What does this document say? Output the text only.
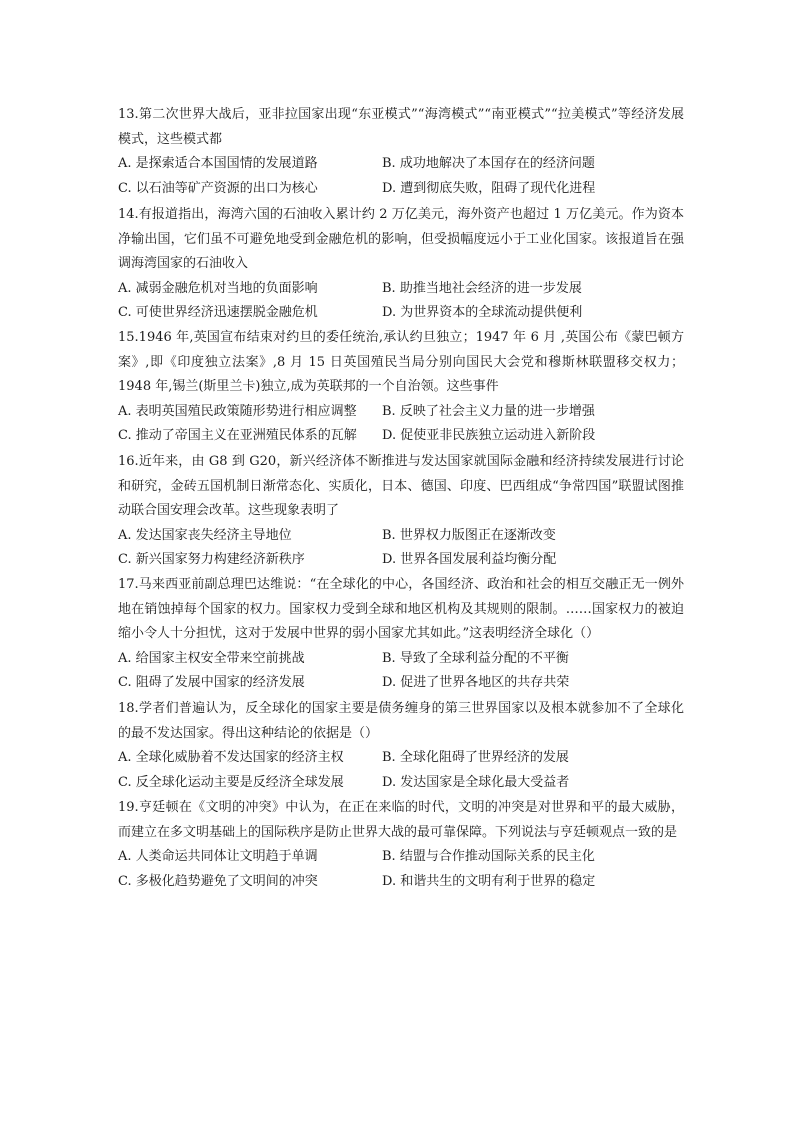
13.第二次世界大战后，亚非拉国家出现“东亚模式”“海湾模式”“南亚模式”“拉美模式”等经济发展模式，这些模式都

A. 是探索适合本国国情的发展道路	B. 成功地解决了本国存在的经济问题
C. 以石油等矿产资源的出口为核心	D. 遭到彻底失败，阻碍了现代化进程

14.有报道指出，海湾六国的石油收入累计约 2 万亿美元，海外资产也超过 1 万亿美元。作为资本净输出国，它们虽不可避免地受到金融危机的影响，但受损幅度远小于工业化国家。该报道旨在强调海湾国家的石油收入

A. 减弱金融危机对当地的负面影响	B. 助推当地社会经济的进一步发展
C. 可使世界经济迅速摆脱金融危机	D. 为世界资本的全球流动提供便利

15.1946 年,英国宣布结束对约旦的委任统治,承认约旦独立；1947 年 6 月 ,英国公布《蒙巴顿方案》,即《印度独立法案》,8 月 15 日英国殖民当局分别向国民大会党和穆斯林联盟移交权力；1948 年,锡兰(斯里兰卡)独立,成为英联邦的一个自治领。这些事件

A. 表明英国殖民政策随形势进行相应调整 B. 反映了社会主义力量的进一步增强
C. 推动了帝国主义在亚洲殖民体系的瓦解 D. 促使亚非民族独立运动进入新阶段

16.近年来，由 G8 到 G20，新兴经济体不断推进与发达国家就国际金融和经济持续发展进行讨论和研究，金砖五国机制日渐常态化、实质化，日本、德国、印度、巴西组成“争常四国”联盟试图推动联合国安理会改革。这些现象表明了

A. 发达国家丧失经济主导地位	B. 世界权力版图正在逐渐改变
C. 新兴国家努力构建经济新秩序	D. 世界各国发展利益均衡分配

17.马来西亚前副总理巴达维说：“在全球化的中心，各国经济、政治和社会的相互交融正无一例外地在销蚀掉每个国家的权力。国家权力受到全球和地区机构及其规则的限制。……国家权力的被迫缩小令人十分担忧，这对于发展中世界的弱小国家尤其如此。”这表明经济全球化（）

A. 给国家主权安全带来空前挑战	B. 导致了全球利益分配的不平衡
C. 阻碍了发展中国家的经济发展	D. 促进了世界各地区的共存共荣

18.学者们普遍认为，反全球化的国家主要是债务缠身的第三世界国家以及根本就参加不了全球化的最不发达国家。得出这种结论的依据是（）

A. 全球化威胁着不发达国家的经济主权	B. 全球化阻碍了世界经济的发展
C. 反全球化运动主要是反经济全球发展	D. 发达国家是全球化最大受益者

19.亨廷顿在《文明的冲突》中认为，在正在来临的时代，文明的冲突是对世界和平的最大威胁，而建立在多文明基础上的国际秩序是防止世界大战的最可靠保障。下列说法与亨廷顿观点一致的是

A. 人类命运共同体让文明趋于单调	B. 结盟与合作推动国际关系的民主化
C. 多极化趋势避免了文明间的冲突	D. 和谐共生的文明有利于世界的稳定
